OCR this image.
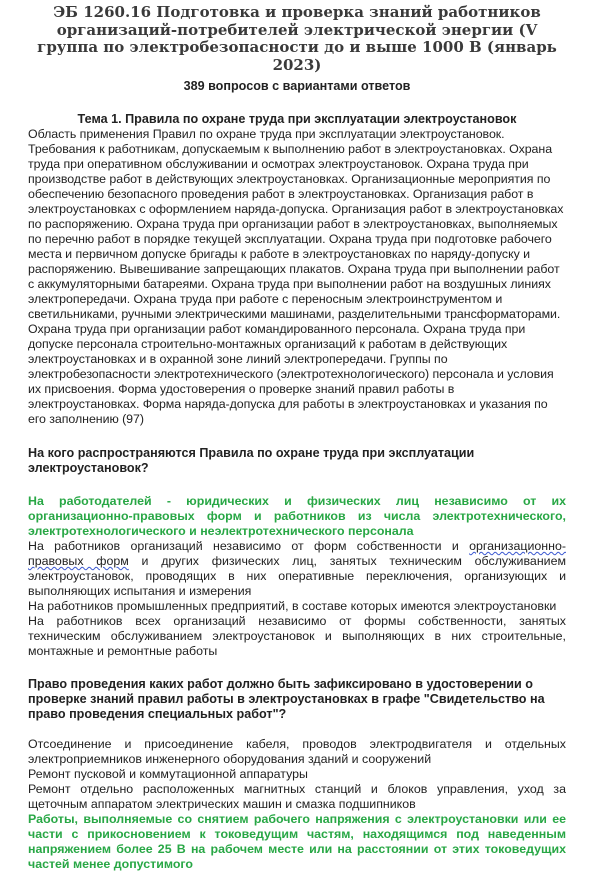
ЭБ 1260.16 Подготовка и проверка знаний работников организаций-потребителей электрической энергии (V группа по электробезопасности до и выше 1000 В (январь 2023)
389 вопросов с вариантами ответов
Тема 1. Правила по охране труда при эксплуатации электроустановок
Область применения Правил по охране труда при эксплуатации электроустановок. Требования к работникам, допускаемым к выполнению работ в электроустановках. Охрана труда при оперативном обслуживании и осмотрах электроустановок. Охрана труда при производстве работ в действующих электроустановках. Организационные мероприятия по обеспечению безопасного проведения работ в электроустановках. Организация работ в электроустановках с оформлением наряда-допуска. Организация работ в электроустановках по распоряжению. Охрана труда при организации работ в электроустановках, выполняемых по перечню работ в порядке текущей эксплуатации. Охрана труда при подготовке рабочего места и первичном допуске бригады к работе в электроустановках по наряду-допуску и распоряжению. Вывешивание запрещающих плакатов. Охрана труда при выполнении работ с аккумуляторными батареями. Охрана труда при выполнении работ на воздушных линиях электропередачи. Охрана труда при работе с переносным электроинструментом и светильниками, ручными электрическими машинами, разделительными трансформаторами. Охрана труда при организации работ командированного персонала. Охрана труда при допуске персонала строительно-монтажных организаций к работам в действующих электроустановках и в охранной зоне линий электропередачи. Группы по электробезопасности электротехнического (электротехнологического) персонала и условия их присвоения. Форма удостоверения о проверке знаний правил работы в электроустановках. Форма наряда-допуска для работы в электроустановках и указания по его заполнению (97)
На кого распространяются Правила по охране труда при эксплуатации электроустановок?
На работодателей - юридических и физических лиц независимо от их организационно-правовых форм и работников из числа электротехнического, электротехнологического и неэлектротехнического персонала
На работников организаций независимо от форм собственности и организационно-правовых форм и других физических лиц, занятых техническим обслуживанием электроустановок, проводящих в них оперативные переключения, организующих и выполняющих испытания и измерения
На работников промышленных предприятий, в составе которых имеются электроустановки
На работников всех организаций независимо от формы собственности, занятых техническим обслуживанием электроустановок и выполняющих в них строительные, монтажные и ремонтные работы
Право проведения каких работ должно быть зафиксировано в удостоверении о проверке знаний правил работы в электроустановках в графе "Свидетельство на право проведения специальных работ"?
Отсоединение и присоединение кабеля, проводов электродвигателя и отдельных электроприемников инженерного оборудования зданий и сооружений
Ремонт пусковой и коммутационной аппаратуры
Ремонт отдельно расположенных магнитных станций и блоков управления, уход за щеточным аппаратом электрических машин и смазка подшипников
Работы, выполняемые со снятием рабочего напряжения с электроустановки или ее части с прикосновением к токоведущим частям, находящимся под наведенным напряжением более 25 В на рабочем месте или на расстоянии от этих токоведущих частей менее допустимого
